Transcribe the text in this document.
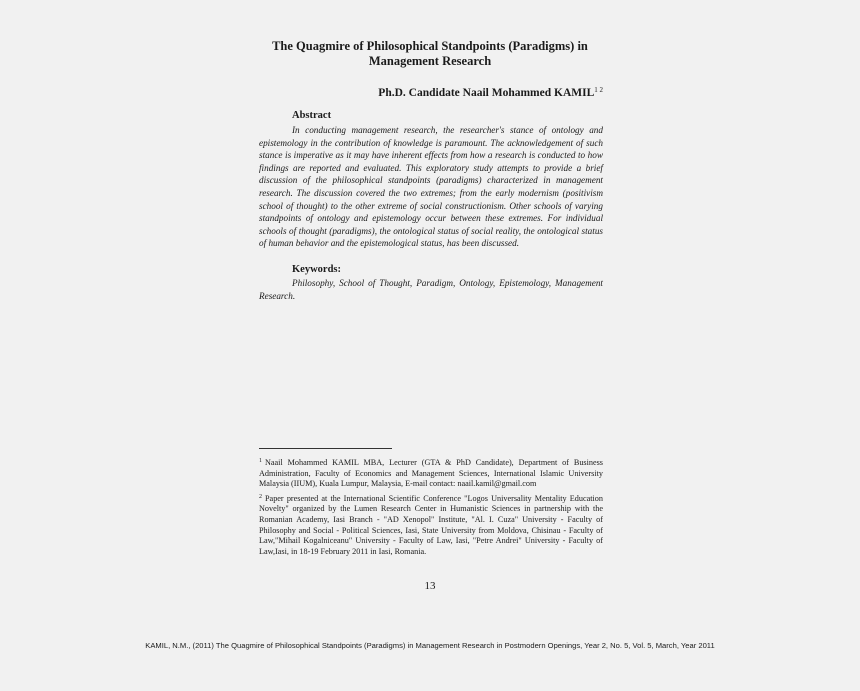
The Quagmire of Philosophical Standpoints (Paradigms) in
Management Research
Ph.D. Candidate Naail Mohammed $KAMIL^{1 2}$
Abstract
In conducting management research, the researcher's stance of ontology and epistemology in the contribution of knowledge is paramount. The acknowledgement of such stance is imperative as it may have inherent effects from how a research is conducted to how findings are reported and evaluated. This exploratory study attempts to provide a brief discussion of the philosophical standpoints (paradigms) characterized in management research. The discussion covered the two extremes; from the early modernism (positivism school of thought) to the other extreme of social constructionism. Other schools of varying standpoints of ontology and epistemology occur between these extremes. For individual schools of thought (paradigms), the ontological status of social reality, the ontological status of human behavior and the epistemological status, has been discussed.
Keywords:
Philosophy, School of Thought, Paradigm, Ontology, Epistemology, Management Research.

$^1$ Naail Mohammed KAMIL MBA, Lecturer (GTA & PhD Candidate), Department of Business Administration, Faculty of Economics and Management Sciences, International Islamic University Malaysia (IIUM), Kuala Lumpur, Malaysia, E-mail contact: naail.kamil@gmail.com

$^2$ Paper presented at the International Scientific Conference "Logos Universality Mentality Education Novelty" organized by the Lumen Research Center in Humanistic Sciences in partnership with the Romanian Academy, Iasi Branch - "AD Xenopol" Institute, "Al. I. Cuza" University - Faculty of Philosophy and Social - Political Sciences, Iasi, State University from Moldova, Chisinau - Faculty of Law,"Mihail Kogalniceanu" University - Faculty of Law, Iasi, "Petre Andrei" University - Faculty of Law,Iasi, in 18-19 February 2011 in Iasi, Romania.

13
KAMIL, N.M., (2011) The Quagmire of Philosophical Standpoints (Paradigms) in Management Research in Postmodern Openings, Year 2, No. 5, Vol. 5, March, Year 2011
